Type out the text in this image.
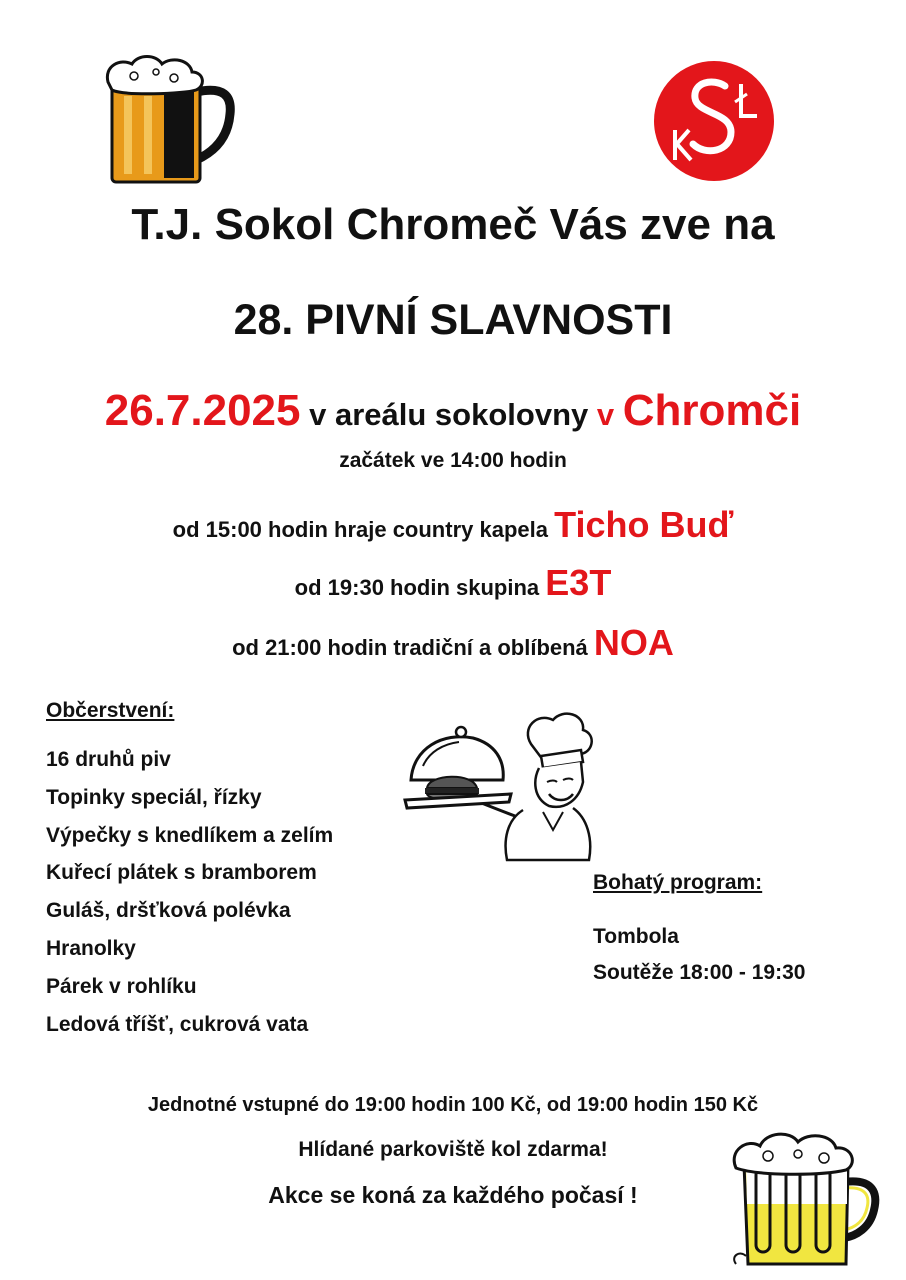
T.J. Sokol Chromeč Vás zve na
28. PIVNÍ SLAVNOSTI
26.7.2025 v areálu sokolovny v Chromči
začátek ve 14:00 hodin
od 15:00 hodin hraje country kapela Ticho Buď
od 19:30 hodin skupina E3T
od 21:00 hodin tradiční a oblíbená NOA
Občerstvení:
16 druhů piv
Topinky speciál, řízky
Výpečky s knedlíkem a zelím
Kuřecí plátek s bramborem
Guláš, dršťková polévka
Hranolky
Párek v rohlíku
Ledová tříšť, cukrová vata
Bohatý program:
Tombola
Soutěže 18:00 - 19:30
Jednotné vstupné do 19:00 hodin 100 Kč, od 19:00 hodin 150 Kč
Hlídané parkoviště kol zdarma!
Akce se koná za každého počasí !
